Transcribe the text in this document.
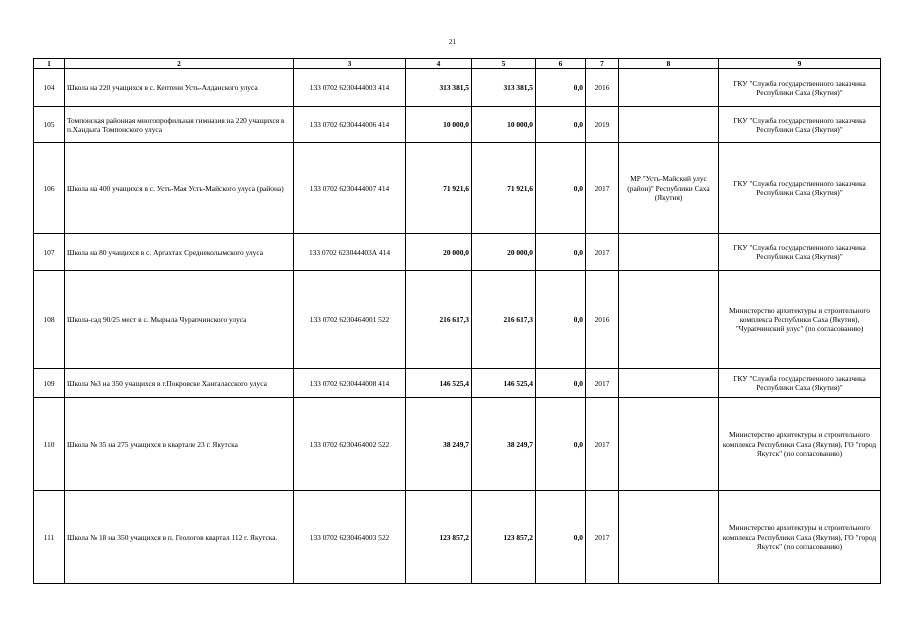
21
1	2	3	4	5	6	7	8	9
104	Школа на 220 учащихся в с. Кептени Усть-Алданского улуса	133 0702 6230444003 414	313 381,5	313 381,5	0,0	2016		ГКУ "Служба государственного заказчика Республики Саха (Якутия)"
105	Томпонская районная многопрофильная гимназия на 220 учащихся в п.Хандыга Томпонского улуса	133 0702 6230444006 414	10 000,0	10 000,0	0,0	2019		ГКУ "Служба государственного заказчика Республики Саха (Якутия)"
106	Школа на 400 учащихся в с. Усть-Мая Усть-Майского улуса (района)	133 0702 6230444007 414	71 921,6	71 921,6	0,0	2017	МР "Усть-Майский улус (район)" Республики Саха (Якутия)	ГКУ "Служба государственного заказчика Республики Саха (Якутия)"
107	Школа на 80 учащихся в с. Аргахтах Среднеколымского улуса	133 0702 623044403А 414	20 000,0	20 000,0	0,0	2017		ГКУ "Служба государственного заказчика Республики Саха (Якутия)"
108	Школа-сад 90/25 мест в с. Мырыла Чурапчинского улуса	133 0702 6230464001 522	216 617,3	216 617,3	0,0	2016		Министерство архитектуры и строительного комплекса Республики Саха (Якутия), "Чурапчинский улус" (по согласованию)
109	Школа №3 на 350 учащихся в г.Покровске Хангаласского улуса	133 0702 6230444008 414	146 525,4	146 525,4	0,0	2017		ГКУ "Служба государственного заказчика Республики Саха (Якутия)"
110	Школа № 35 на 275 учащихся в квартале 23 г. Якутска	133 0702 6230464002 522	38 249,7	38 249,7	0,0	2017		Министерство архитектуры и строительного комплекса Республики Саха (Якутия), ГО "город Якутск" (по согласованию)
111	Школа № 18 на 350 учащихся в п. Геологов квартал 112 г. Якутска.	133 0702 6230464003 522	123 857,2	123 857,2	0,0	2017		Министерство архитектуры и строительного комплекса Республики Саха (Якутия), ГО "город Якутск" (по согласованию)
